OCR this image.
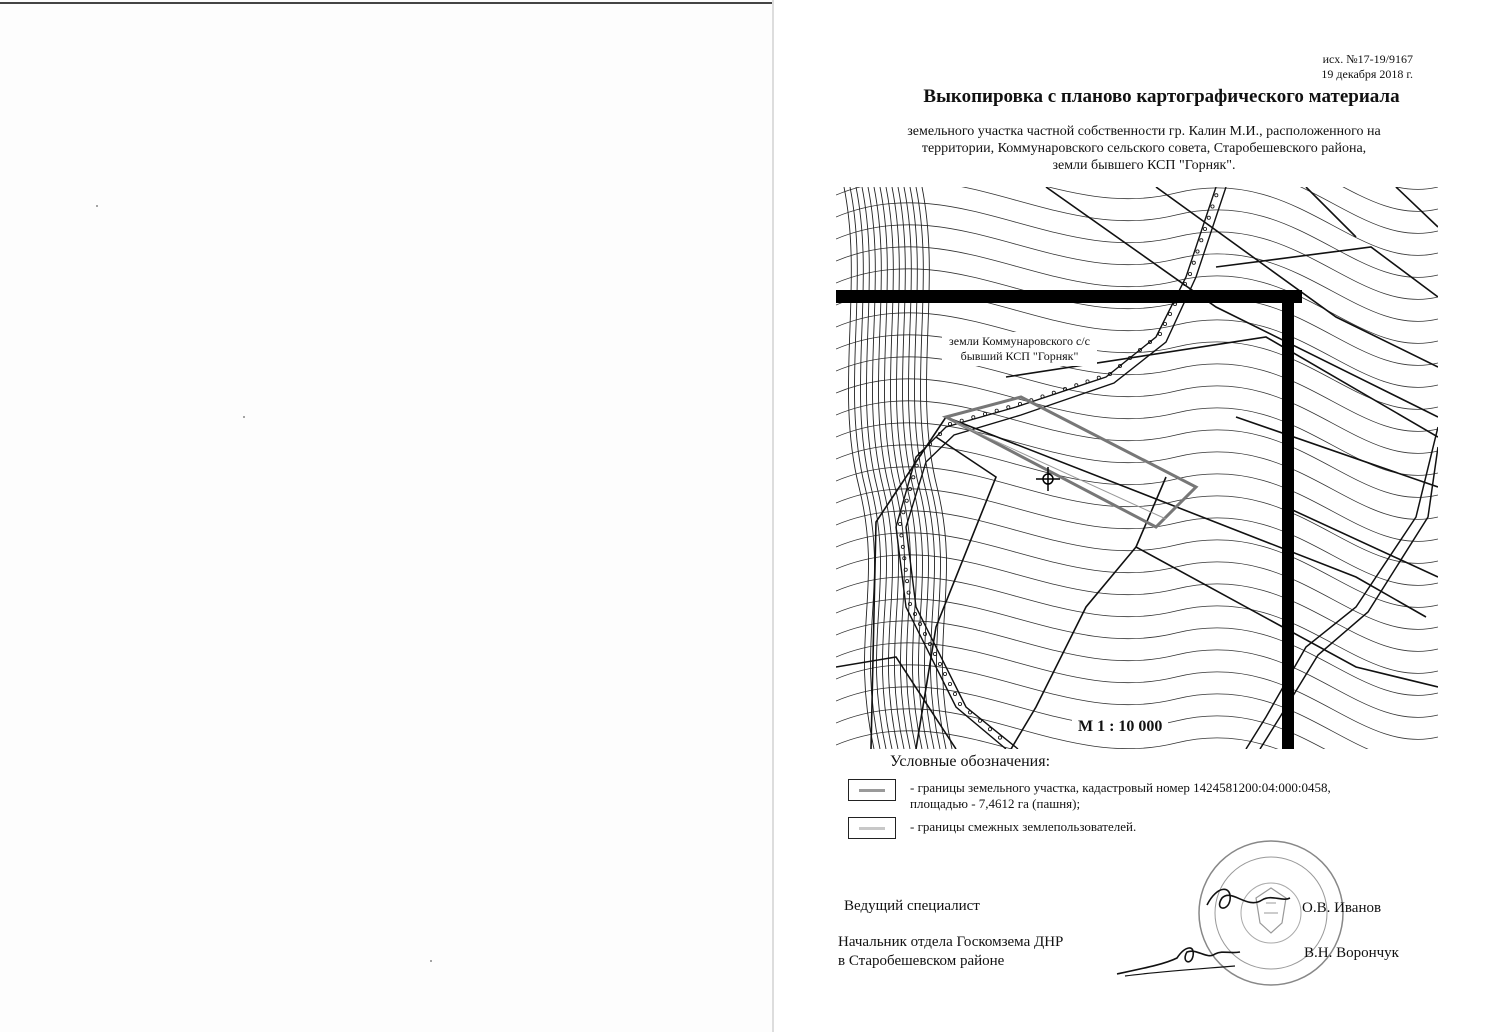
исх. №17-19/9167
19 декабря 2018 г.
Выкопировка с планово картографического материала
земельного участка частной собственности гр. Калин М.И., расположенного на
территории, Коммунаровского сельского совета, Старобешевского района,
земли бывшего КСП "Горняк".
земли Коммунаровского с/с
бывший КСП "Горняк"
М 1 : 10 000
Условные обозначения:
- границы земельного участка, кадастровый номер 1424581200:04:000:0458,
площадью - 7,4612 га (пашня);
- границы смежных землепользователей.
Ведущий специалист	О.В. Иванов
Начальник отдела Госкомзема ДНР
в Старобешевском районе	В.Н. Ворончук
